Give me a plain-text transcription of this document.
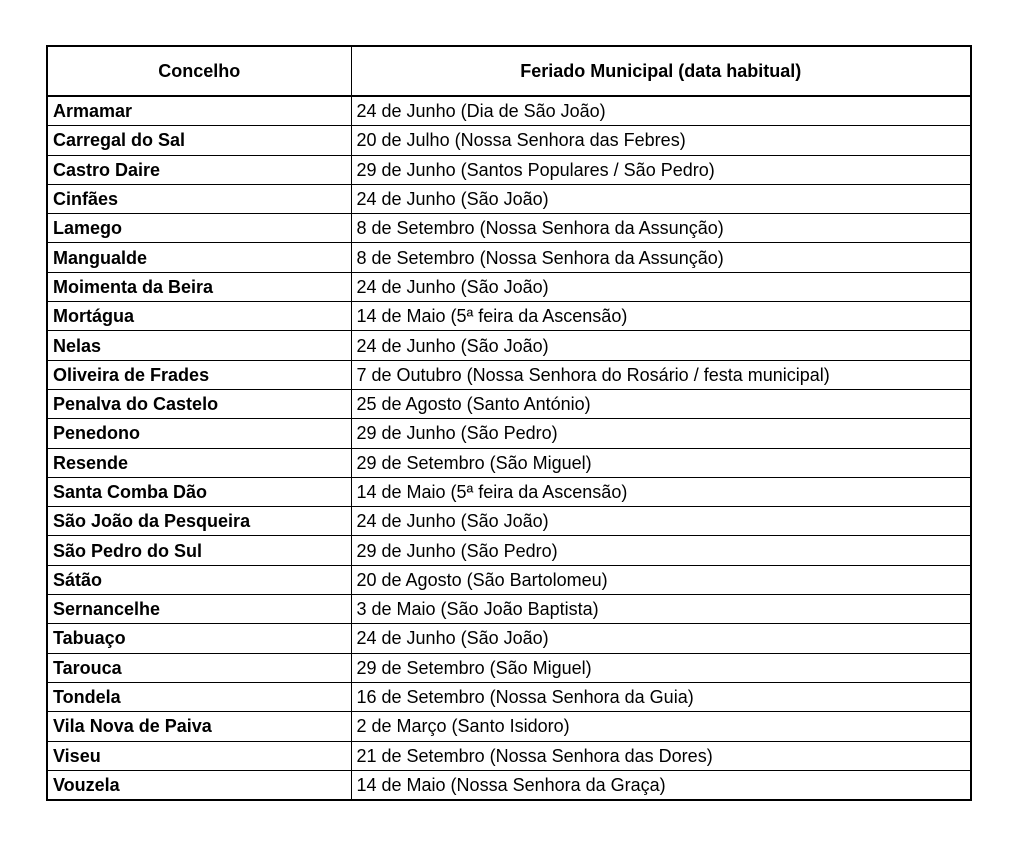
Concelho	Feriado Municipal (data habitual)
Armamar	24 de Junho (Dia de São João)
Carregal do Sal	20 de Julho (Nossa Senhora das Febres)
Castro Daire	29 de Junho (Santos Populares / São Pedro)
Cinfães	24 de Junho (São João)
Lamego	8 de Setembro (Nossa Senhora da Assunção)
Mangualde	8 de Setembro (Nossa Senhora da Assunção)
Moimenta da Beira	24 de Junho (São João)
Mortágua	14 de Maio (5ª feira da Ascensão)
Nelas	24 de Junho (São João)
Oliveira de Frades	7 de Outubro (Nossa Senhora do Rosário / festa municipal)
Penalva do Castelo	25 de Agosto (Santo António)
Penedono	29 de Junho (São Pedro)
Resende	29 de Setembro (São Miguel)
Santa Comba Dão	14 de Maio (5ª feira da Ascensão)
São João da Pesqueira	24 de Junho (São João)
São Pedro do Sul	29 de Junho (São Pedro)
Sátão	20 de Agosto (São Bartolomeu)
Sernancelhe	3 de Maio (São João Baptista)
Tabuaço	24 de Junho (São João)
Tarouca	29 de Setembro (São Miguel)
Tondela	16 de Setembro (Nossa Senhora da Guia)
Vila Nova de Paiva	2 de Março (Santo Isidoro)
Viseu	21 de Setembro (Nossa Senhora das Dores)
Vouzela	14 de Maio (Nossa Senhora da Graça)
